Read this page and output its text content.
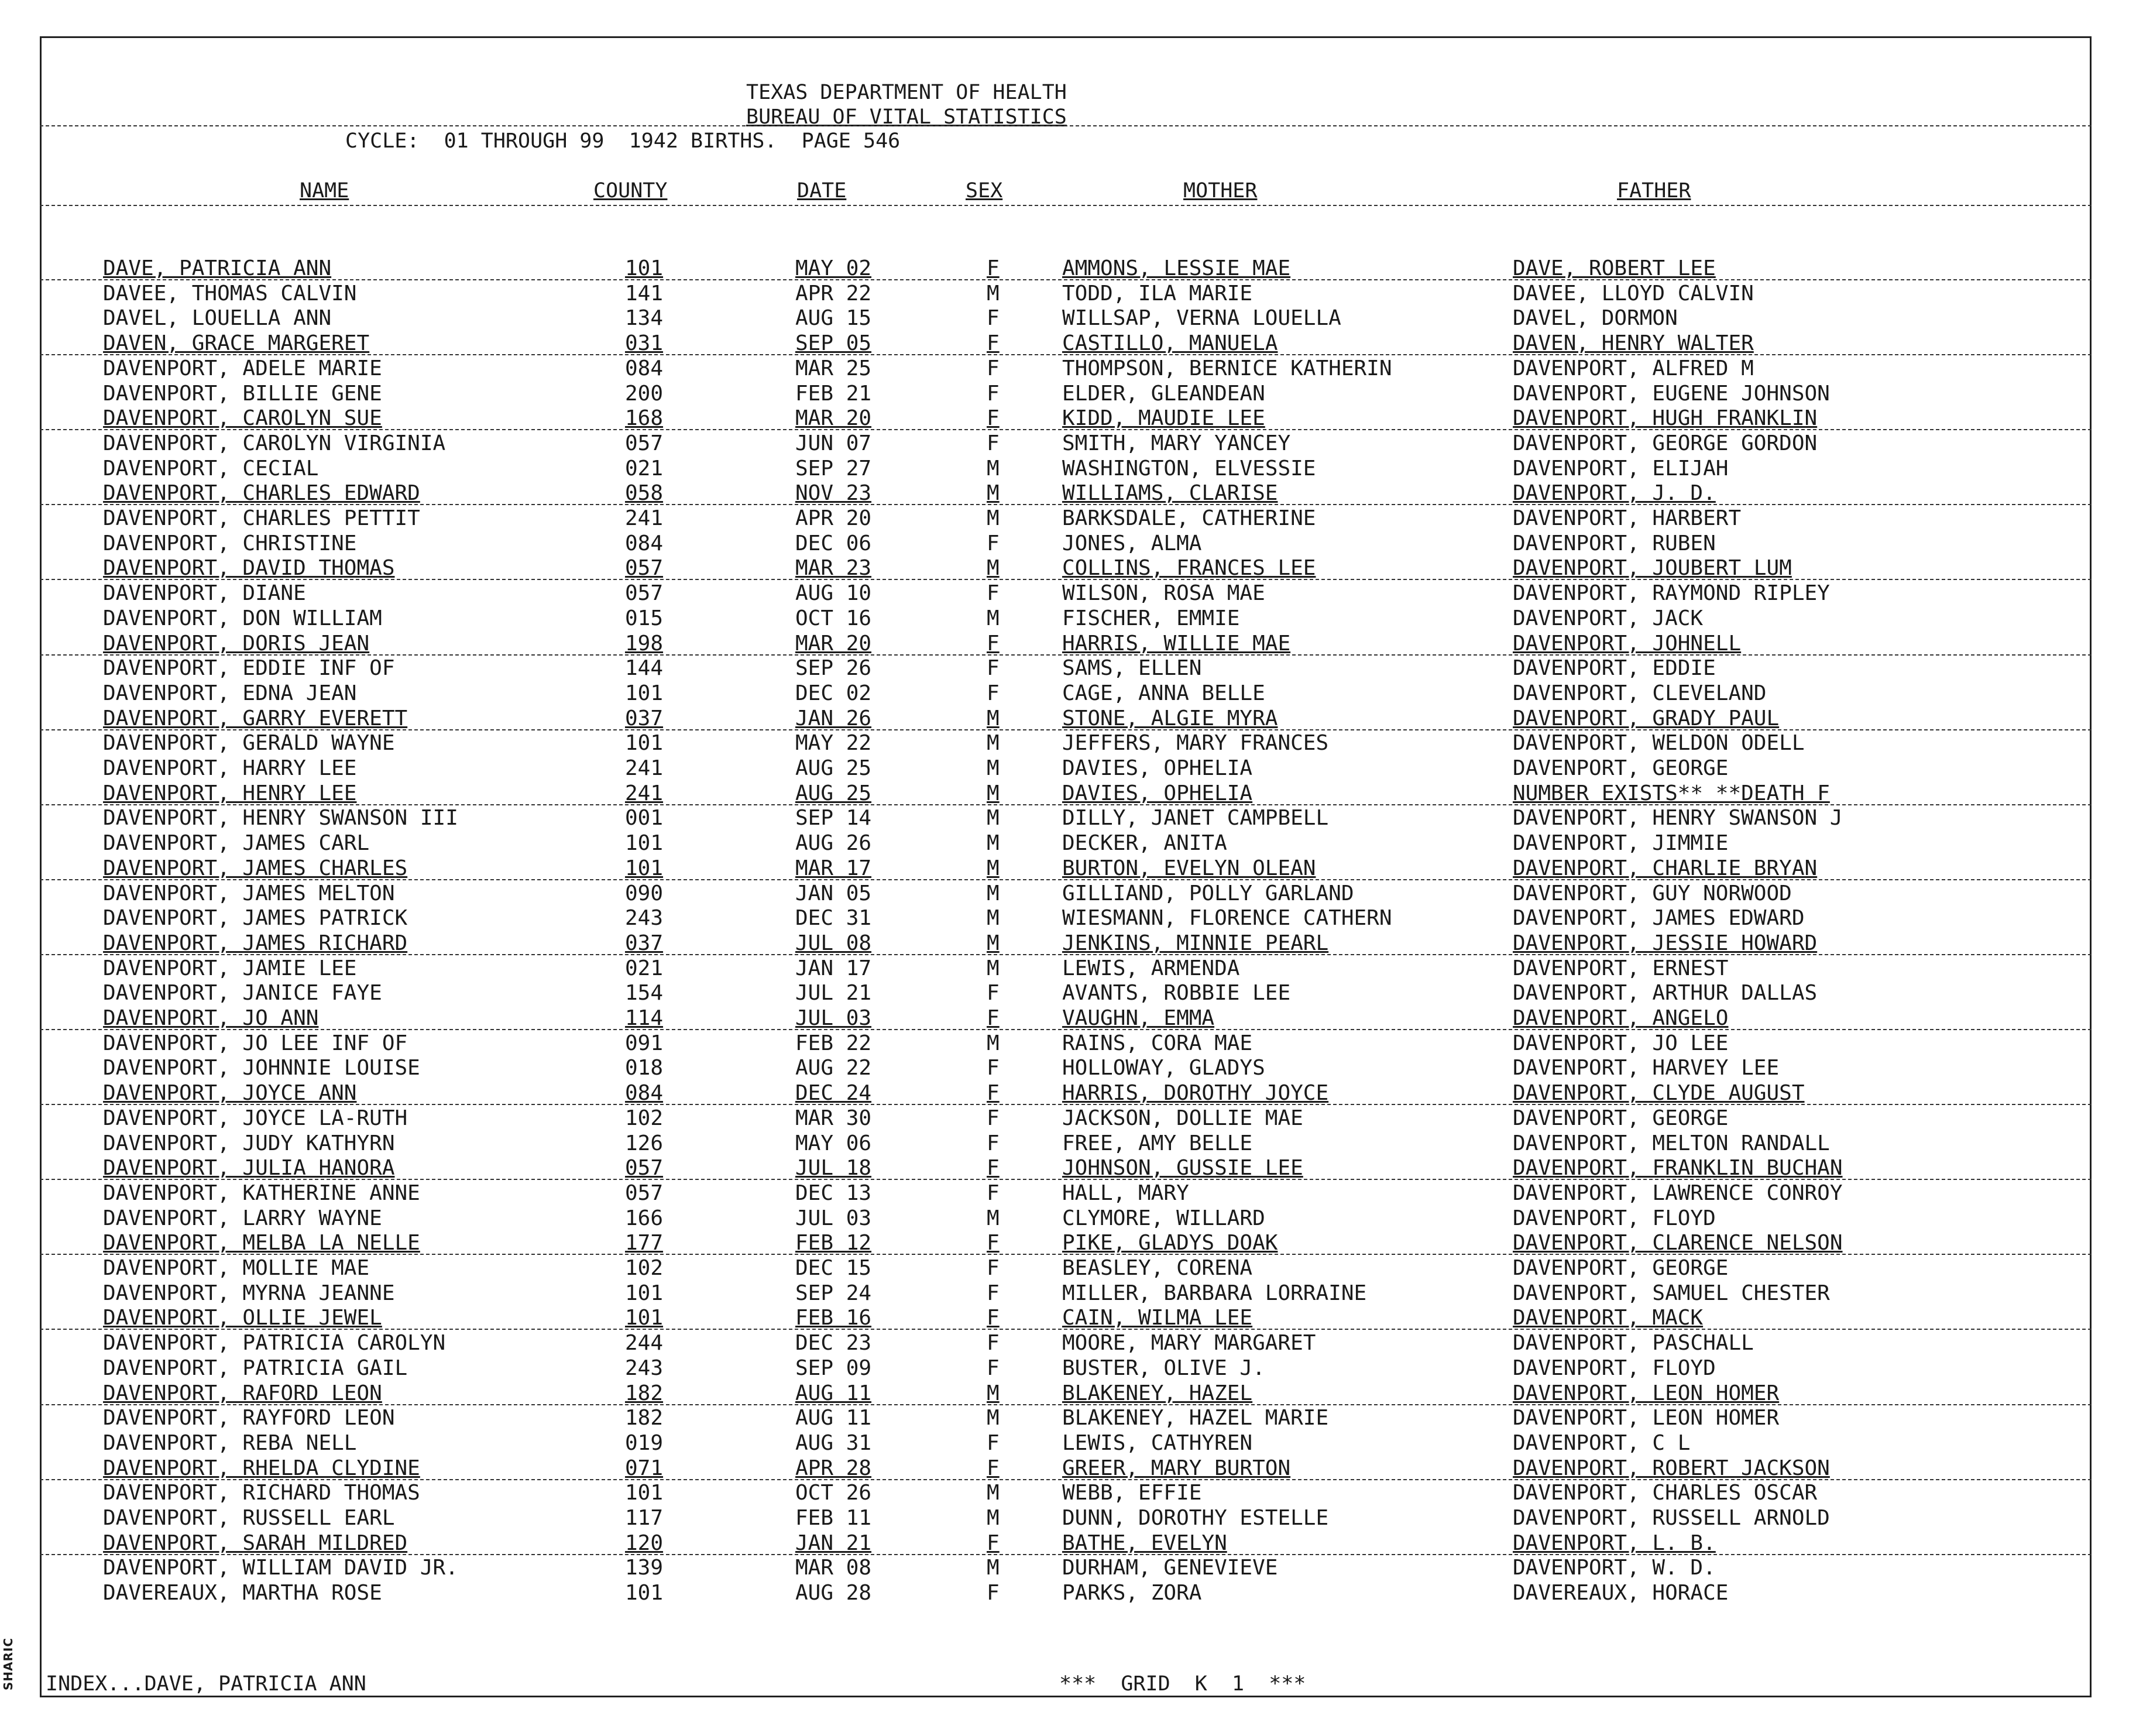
SHARIC
TEXAS DEPARTMENT OF HEALTH
BUREAU OF VITAL STATISTICS
CYCLE:  01 THROUGH 99  1942 BIRTHS.  PAGE 546
NAME	COUNTY	DATE	SEX	MOTHER	FATHER
DAVE, PATRICIA ANN	101	MAY 02	F	AMMONS, LESSIE MAE	DAVE, ROBERT LEE
DAVEE, THOMAS CALVIN	141	APR 22	M	TODD, ILA MARIE	DAVEE, LLOYD CALVIN
DAVEL, LOUELLA ANN	134	AUG 15	F	WILLSAP, VERNA LOUELLA	DAVEL, DORMON
DAVEN, GRACE MARGERET	031	SEP 05	F	CASTILLO, MANUELA	DAVEN, HENRY WALTER
DAVENPORT, ADELE MARIE	084	MAR 25	F	THOMPSON, BERNICE KATHERIN	DAVENPORT, ALFRED M
DAVENPORT, BILLIE GENE	200	FEB 21	F	ELDER, GLEANDEAN	DAVENPORT, EUGENE JOHNSON
DAVENPORT, CAROLYN SUE	168	MAR 20	F	KIDD, MAUDIE LEE	DAVENPORT, HUGH FRANKLIN
DAVENPORT, CAROLYN VIRGINIA	057	JUN 07	F	SMITH, MARY YANCEY	DAVENPORT, GEORGE GORDON
DAVENPORT, CECIAL	021	SEP 27	M	WASHINGTON, ELVESSIE	DAVENPORT, ELIJAH
DAVENPORT, CHARLES EDWARD	058	NOV 23	M	WILLIAMS, CLARISE	DAVENPORT, J. D.
DAVENPORT, CHARLES PETTIT	241	APR 20	M	BARKSDALE, CATHERINE	DAVENPORT, HARBERT
DAVENPORT, CHRISTINE	084	DEC 06	F	JONES, ALMA	DAVENPORT, RUBEN
DAVENPORT, DAVID THOMAS	057	MAR 23	M	COLLINS, FRANCES LEE	DAVENPORT, JOUBERT LUM
DAVENPORT, DIANE	057	AUG 10	F	WILSON, ROSA MAE	DAVENPORT, RAYMOND RIPLEY
DAVENPORT, DON WILLIAM	015	OCT 16	M	FISCHER, EMMIE	DAVENPORT, JACK
DAVENPORT, DORIS JEAN	198	MAR 20	F	HARRIS, WILLIE MAE	DAVENPORT, JOHNELL
DAVENPORT, EDDIE INF OF	144	SEP 26	F	SAMS, ELLEN	DAVENPORT, EDDIE
DAVENPORT, EDNA JEAN	101	DEC 02	F	CAGE, ANNA BELLE	DAVENPORT, CLEVELAND
DAVENPORT, GARRY EVERETT	037	JAN 26	M	STONE, ALGIE MYRA	DAVENPORT, GRADY PAUL
DAVENPORT, GERALD WAYNE	101	MAY 22	M	JEFFERS, MARY FRANCES	DAVENPORT, WELDON ODELL
DAVENPORT, HARRY LEE	241	AUG 25	M	DAVIES, OPHELIA	DAVENPORT, GEORGE
DAVENPORT, HENRY LEE	241	AUG 25	M	DAVIES, OPHELIA	NUMBER EXISTS** **DEATH F
DAVENPORT, HENRY SWANSON III	001	SEP 14	M	DILLY, JANET CAMPBELL	DAVENPORT, HENRY SWANSON J
DAVENPORT, JAMES CARL	101	AUG 26	M	DECKER, ANITA	DAVENPORT, JIMMIE
DAVENPORT, JAMES CHARLES	101	MAR 17	M	BURTON, EVELYN OLEAN	DAVENPORT, CHARLIE BRYAN
DAVENPORT, JAMES MELTON	090	JAN 05	M	GILLIAND, POLLY GARLAND	DAVENPORT, GUY NORWOOD
DAVENPORT, JAMES PATRICK	243	DEC 31	M	WIESMANN, FLORENCE CATHERN	DAVENPORT, JAMES EDWARD
DAVENPORT, JAMES RICHARD	037	JUL 08	M	JENKINS, MINNIE PEARL	DAVENPORT, JESSIE HOWARD
DAVENPORT, JAMIE LEE	021	JAN 17	M	LEWIS, ARMENDA	DAVENPORT, ERNEST
DAVENPORT, JANICE FAYE	154	JUL 21	F	AVANTS, ROBBIE LEE	DAVENPORT, ARTHUR DALLAS
DAVENPORT, JO ANN	114	JUL 03	F	VAUGHN, EMMA	DAVENPORT, ANGELO
DAVENPORT, JO LEE INF OF	091	FEB 22	M	RAINS, CORA MAE	DAVENPORT, JO LEE
DAVENPORT, JOHNNIE LOUISE	018	AUG 22	F	HOLLOWAY, GLADYS	DAVENPORT, HARVEY LEE
DAVENPORT, JOYCE ANN	084	DEC 24	F	HARRIS, DOROTHY JOYCE	DAVENPORT, CLYDE AUGUST
DAVENPORT, JOYCE LA-RUTH	102	MAR 30	F	JACKSON, DOLLIE MAE	DAVENPORT, GEORGE
DAVENPORT, JUDY KATHYRN	126	MAY 06	F	FREE, AMY BELLE	DAVENPORT, MELTON RANDALL
DAVENPORT, JULIA HANORA	057	JUL 18	F	JOHNSON, GUSSIE LEE	DAVENPORT, FRANKLIN BUCHAN
DAVENPORT, KATHERINE ANNE	057	DEC 13	F	HALL, MARY	DAVENPORT, LAWRENCE CONROY
DAVENPORT, LARRY WAYNE	166	JUL 03	M	CLYMORE, WILLARD	DAVENPORT, FLOYD
DAVENPORT, MELBA LA NELLE	177	FEB 12	F	PIKE, GLADYS DOAK	DAVENPORT, CLARENCE NELSON
DAVENPORT, MOLLIE MAE	102	DEC 15	F	BEASLEY, CORENA	DAVENPORT, GEORGE
DAVENPORT, MYRNA JEANNE	101	SEP 24	F	MILLER, BARBARA LORRAINE	DAVENPORT, SAMUEL CHESTER
DAVENPORT, OLLIE JEWEL	101	FEB 16	F	CAIN, WILMA LEE	DAVENPORT, MACK
DAVENPORT, PATRICIA CAROLYN	244	DEC 23	F	MOORE, MARY MARGARET	DAVENPORT, PASCHALL
DAVENPORT, PATRICIA GAIL	243	SEP 09	F	BUSTER, OLIVE J.	DAVENPORT, FLOYD
DAVENPORT, RAFORD LEON	182	AUG 11	M	BLAKENEY, HAZEL	DAVENPORT, LEON HOMER
DAVENPORT, RAYFORD LEON	182	AUG 11	M	BLAKENEY, HAZEL MARIE	DAVENPORT, LEON HOMER
DAVENPORT, REBA NELL	019	AUG 31	F	LEWIS, CATHYREN	DAVENPORT, C L
DAVENPORT, RHELDA CLYDINE	071	APR 28	F	GREER, MARY BURTON	DAVENPORT, ROBERT JACKSON
DAVENPORT, RICHARD THOMAS	101	OCT 26	M	WEBB, EFFIE	DAVENPORT, CHARLES OSCAR
DAVENPORT, RUSSELL EARL	117	FEB 11	M	DUNN, DOROTHY ESTELLE	DAVENPORT, RUSSELL ARNOLD
DAVENPORT, SARAH MILDRED	120	JAN 21	F	BATHE, EVELYN	DAVENPORT, L. B.
DAVENPORT, WILLIAM DAVID JR.	139	MAR 08	M	DURHAM, GENEVIEVE	DAVENPORT, W. D.
DAVEREAUX, MARTHA ROSE	101	AUG 28	F	PARKS, ZORA	DAVEREAUX, HORACE
INDEX...DAVE, PATRICIA ANN	***  GRID  K  1  ***
